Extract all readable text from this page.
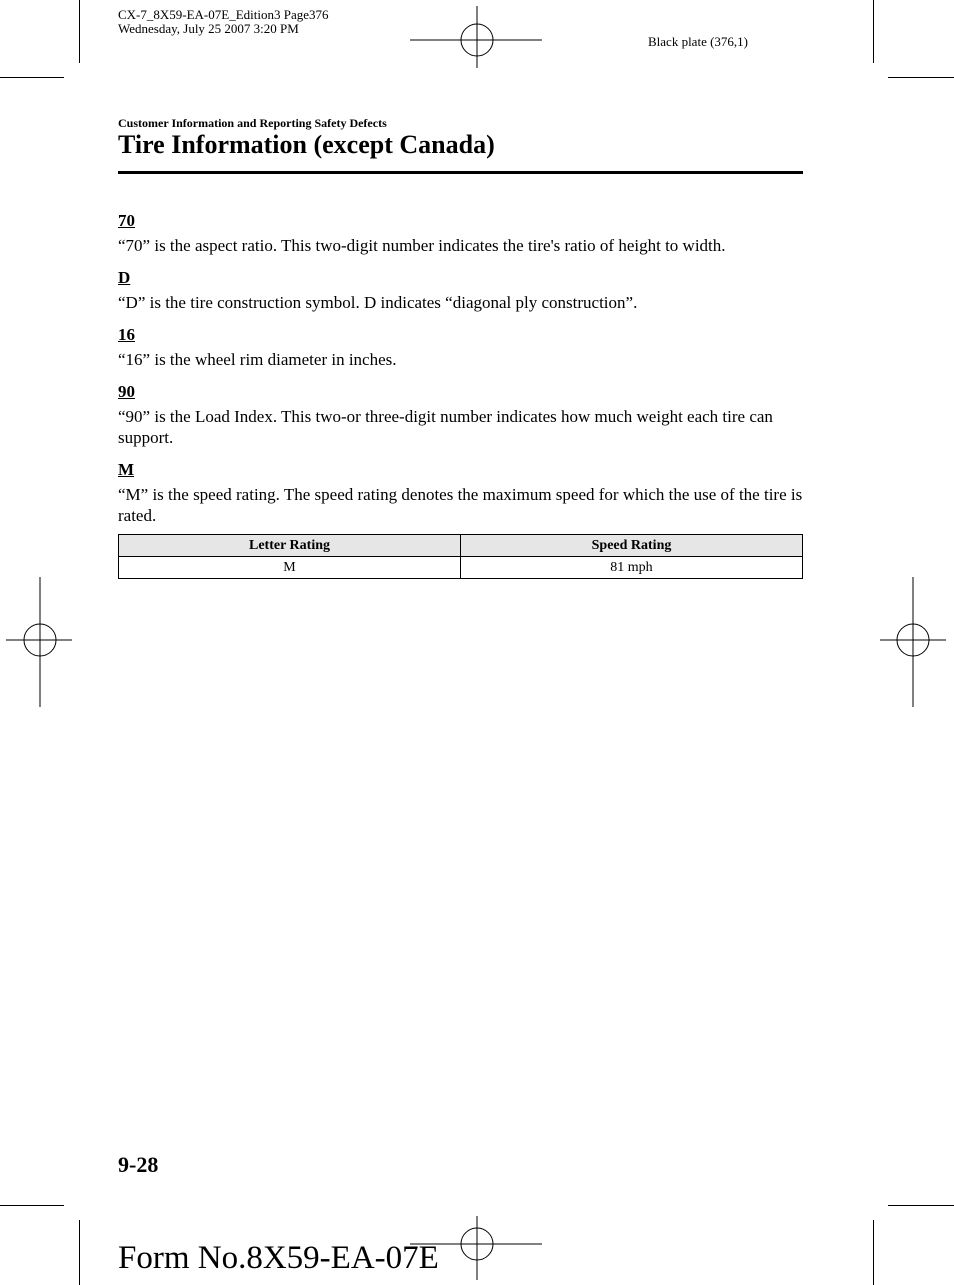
CX-7_8X59-EA-07E_Edition3 Page376
Wednesday, July 25 2007 3:20 PM
Black plate (376,1)
Customer Information and Reporting Safety Defects
Tire Information (except Canada)
70
“70” is the aspect ratio. This two-digit number indicates the tire's ratio of height to width.
D
“D” is the tire construction symbol. D indicates “diagonal ply construction”.
16
“16” is the wheel rim diameter in inches.
90
“90” is the Load Index. This two-or three-digit number indicates how much weight each tire can support.
M
“M” is the speed rating. The speed rating denotes the maximum speed for which the use of the tire is rated.
Letter Rating	Speed Rating
M	81 mph
9-28
Form No.8X59-EA-07E
